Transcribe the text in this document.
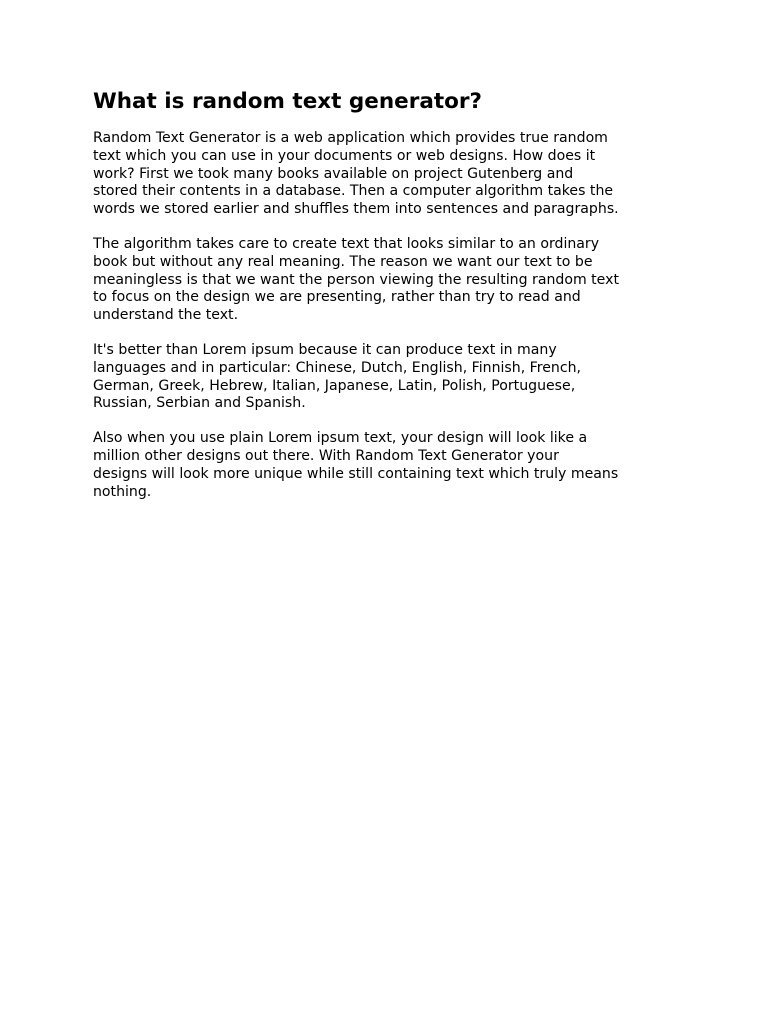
What is random text generator?

Random Text Generator is a web application which provides true random
text which you can use in your documents or web designs. How does it
work? First we took many books available on project Gutenberg and
stored their contents in a database. Then a computer algorithm takes the
words we stored earlier and shuffles them into sentences and paragraphs.

The algorithm takes care to create text that looks similar to an ordinary
book but without any real meaning. The reason we want our text to be
meaningless is that we want the person viewing the resulting random text
to focus on the design we are presenting, rather than try to read and
understand the text.

It's better than Lorem ipsum because it can produce text in many
languages and in particular: Chinese, Dutch, English, Finnish, French,
German, Greek, Hebrew, Italian, Japanese, Latin, Polish, Portuguese,
Russian, Serbian and Spanish.

Also when you use plain Lorem ipsum text, your design will look like a
million other designs out there. With Random Text Generator your
designs will look more unique while still containing text which truly means
nothing.
